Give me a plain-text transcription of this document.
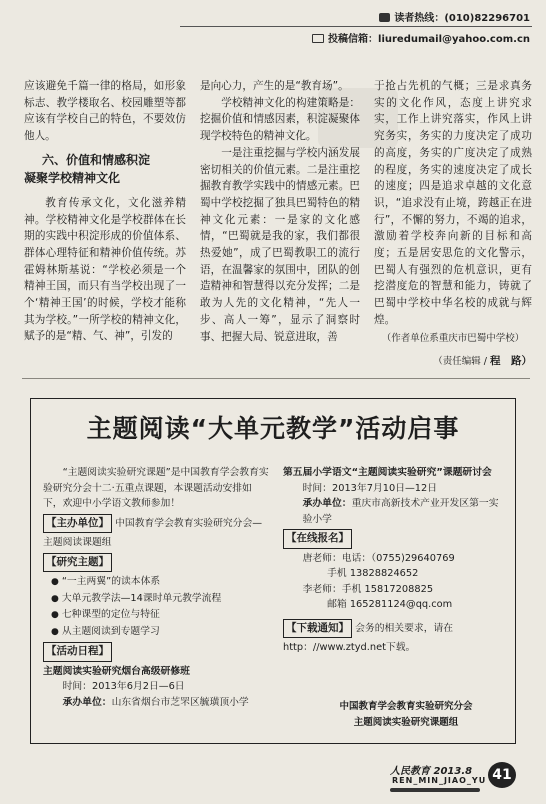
读者热线：(010)82296701
投稿信箱：liuredumail@yahoo.com.cn

应该避免千篇一律的格局，如形象标志、教学楼取名、校园雕塑等都应该有学校自己的特色，不要效仿他人。

六、价值和情感积淀
凝聚学校精神文化

教育传承文化，文化滋养精神。学校精神文化是学校群体在长期的实践中积淀形成的价值体系、群体心理特征和精神价值传统。苏霍姆林斯基说：“学校必须是一个精神王国，而只有当学校出现了一个‘精神王国’的时候，学校才能称其为学校。”一所学校的精神文化，赋予的是“精、气、神”，引发的

是向心力，产生的是“教育场”。

学校精神文化的构建策略是：挖掘价值和情感因素，积淀凝聚体现学校特色的精神文化。

一是注重挖掘与学校内涵发展密切相关的价值元素。二是注重挖掘教育教学实践中的情感元素。巴蜀中学校挖掘了独具巴蜀特色的精神文化元素：一是家的文化感情，“巴蜀就是我的家，我们都很热爱她”，成了巴蜀教职工的流行语，在温馨家的氛围中，团队的创造精神和智慧得以充分发挥；二是敢为人先的文化精神，“先人一步、高人一筹”，显示了洞察时事、把握大局、锐意进取，善

于抢占先机的气概；三是求真务实的文化作风，态度上讲究求实，工作上讲究落实，作风上讲究务实，务实的力度决定了成功的高度，务实的广度决定了成熟的程度，务实的速度决定了成长的速度；四是追求卓越的文化意识，“追求没有止境，跨越正在进行”，不懈的努力，不竭的追求，激励着学校奔向新的目标和高度；五是居安思危的文化警示，巴蜀人有强烈的危机意识，更有挖潜度危的智慧和能力，铸就了巴蜀中学校中华名校的成就与辉煌。

（作者单位系重庆市巴蜀中学校）
（责任编辑 / 程　路）
主题阅读“大单元教学”活动启事

“主题阅读实验研究课题”是中国教育学会教育实验研究分会十二·五重点课题，本课题活动安排如下，欢迎中小学语文教师参加！

【主办单位】 中国教育学会教育实验研究分会—主题阅读课题组

【研究主题】

● “一主两翼”的读本体系

● 大单元教学法—14课时单元教学流程

● 七种课型的定位与特征

● 从主题阅读到专题学习

【活动日程】

主题阅读实验研究烟台高级研修班

时间：2013年6月2日—6日

承办单位：山东省烟台市芝罘区毓璜顶小学

第五届小学语文“主题阅读实验研究”课题研讨会

时间：2013年7月10日—12日

承办单位：重庆市高新技术产业开发区第一实验小学

【在线报名】

唐老师：电话：（0755)29640769

手机 13828824652

李老师：手机 15817208825

邮箱 165281124@qq.com

【下载通知】 会务的相关要求，请在http：//www.ztyd.net下载。

中国教育学会教育实验研究分会
主题阅读实验研究课题组
人民教育 2013.8
REN_MIN_JIAO_YU 41
